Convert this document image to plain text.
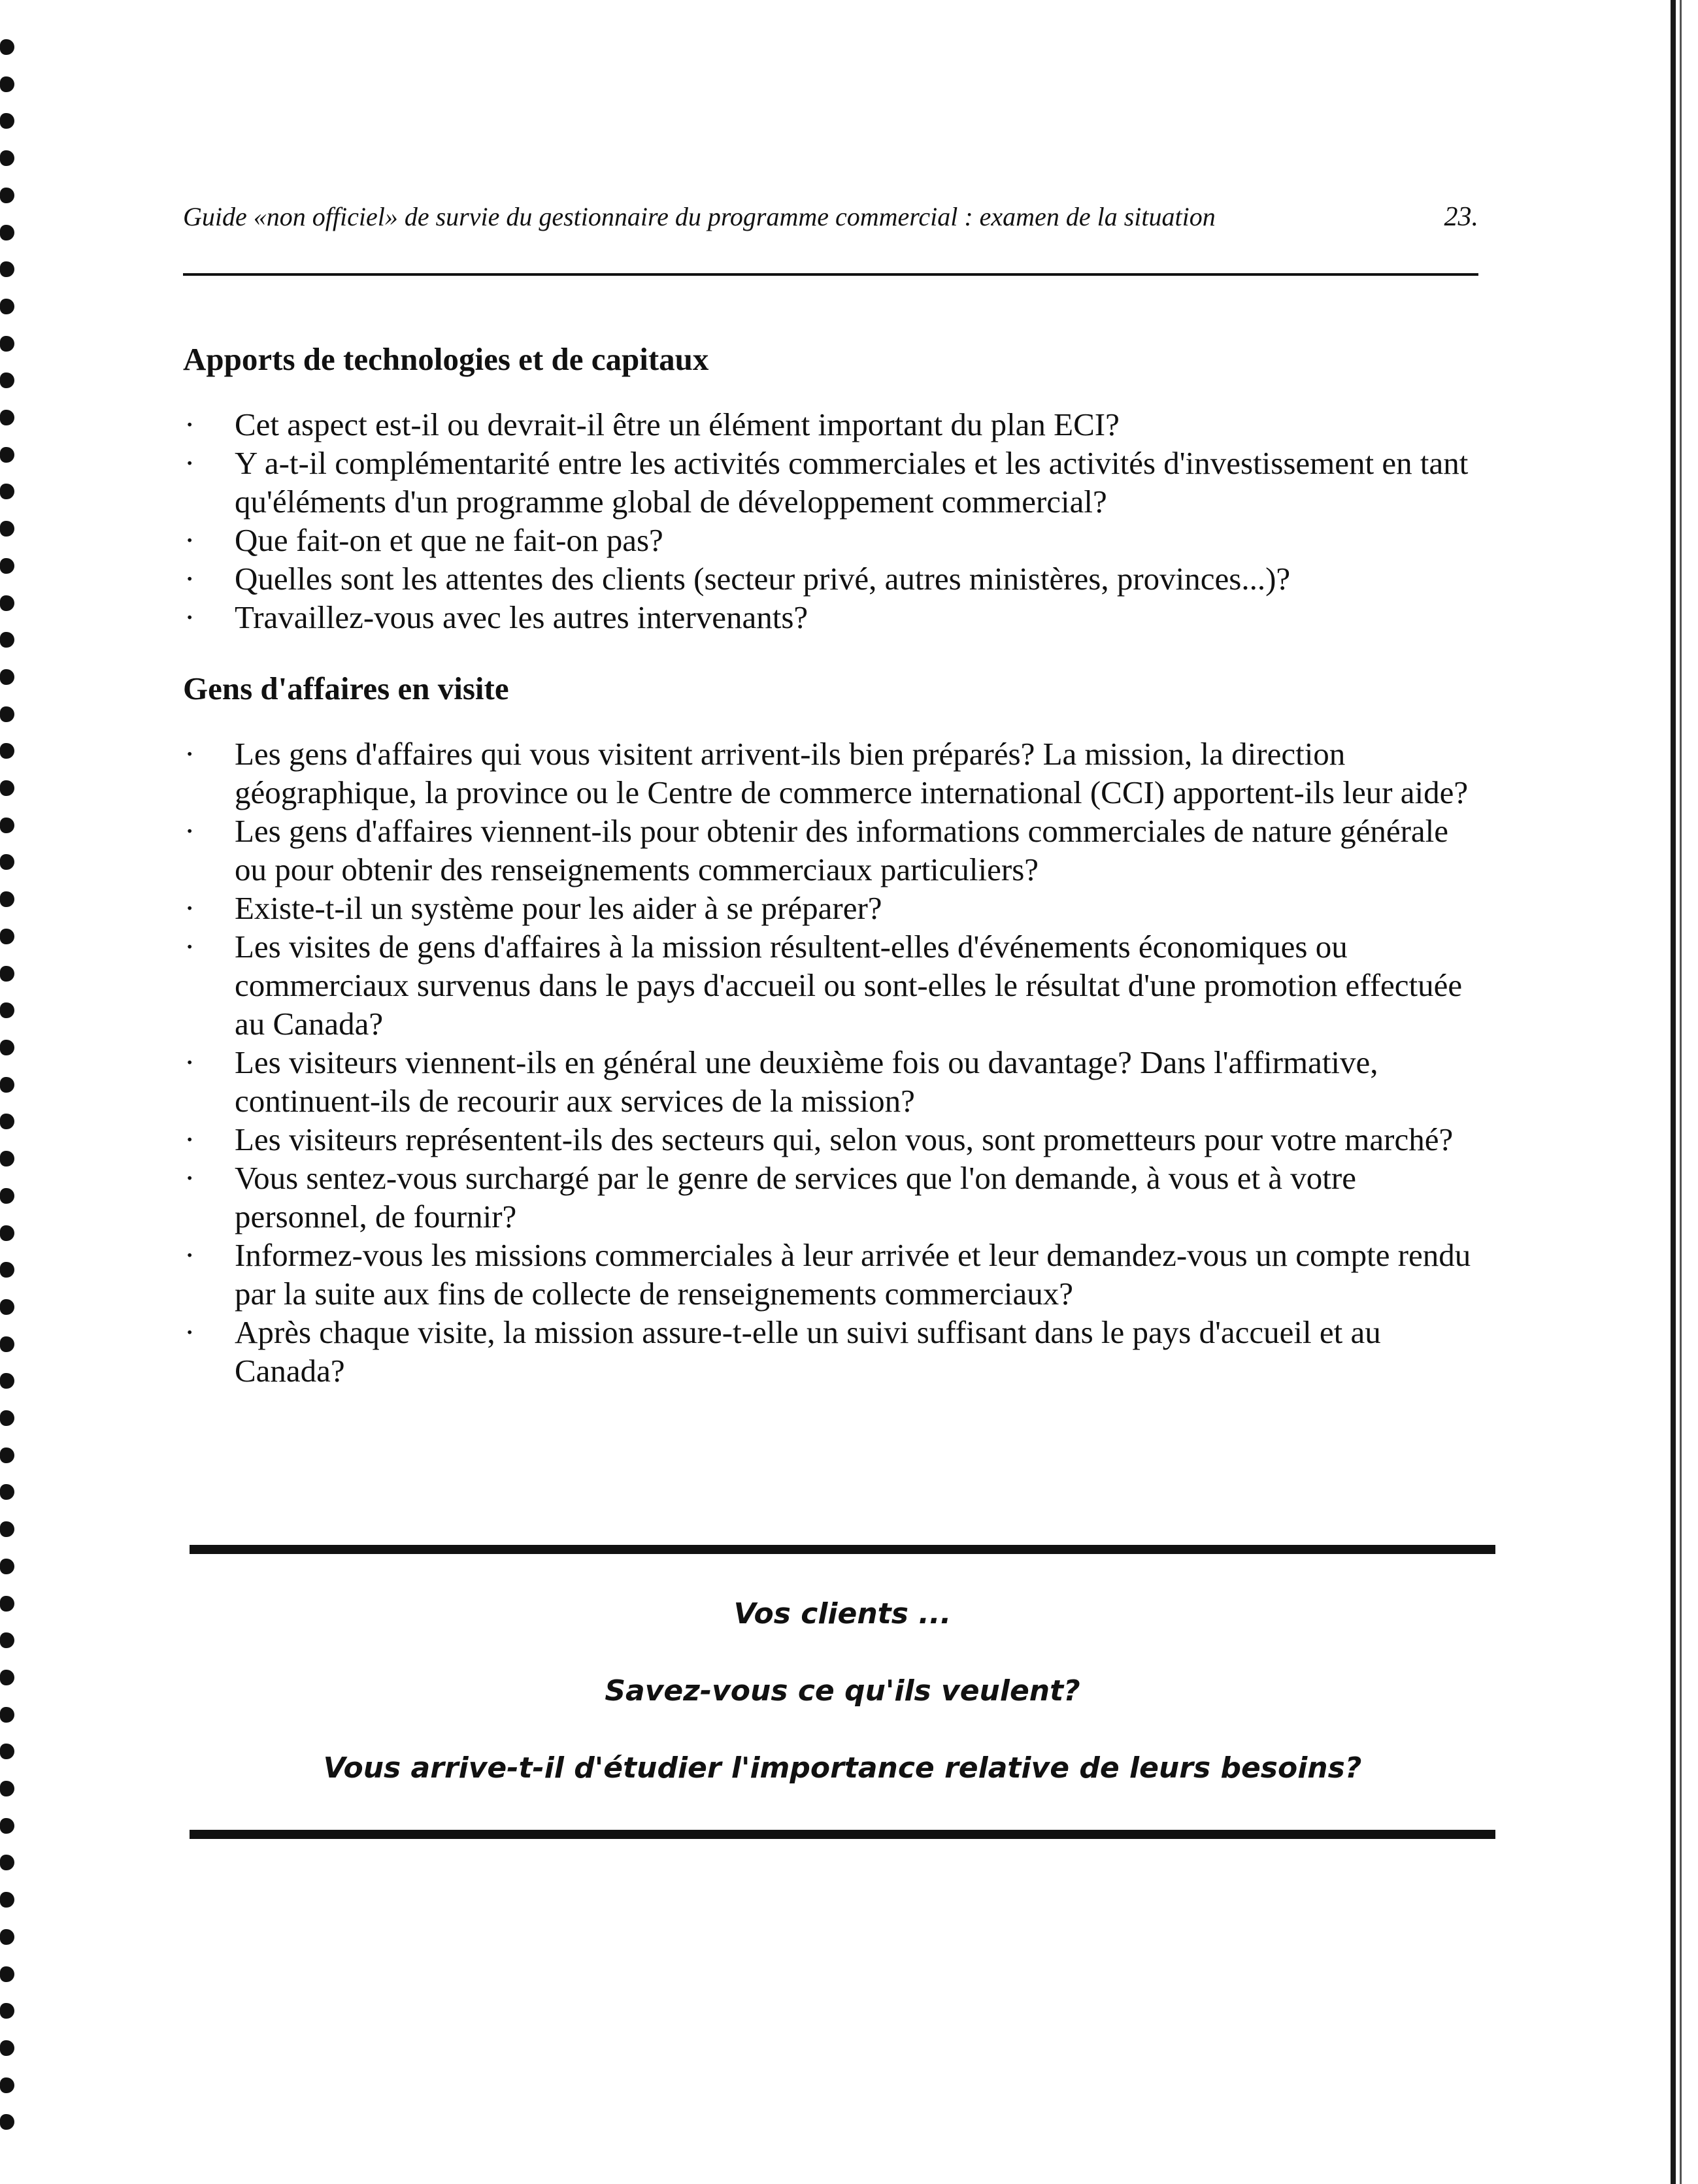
Guide «non officiel» de survie du gestionnaire du programme commercial : examen de la situation	23.
Apports de technologies et de capitaux
· Cet aspect est-il ou devrait-il être un élément important du plan ECI?
· Y a-t-il complémentarité entre les activités commerciales et les activités d'investissement en tant qu'éléments d'un programme global de développement commercial?
· Que fait-on et que ne fait-on pas?
· Quelles sont les attentes des clients (secteur privé, autres ministères, provinces...)?
· Travaillez-vous avec les autres intervenants?
Gens d'affaires en visite
· Les gens d'affaires qui vous visitent arrivent-ils bien préparés? La mission, la direction géographique, la province ou le Centre de commerce international (CCI) apportent-ils leur aide?
· Les gens d'affaires viennent-ils pour obtenir des informations commerciales de nature générale ou pour obtenir des renseignements commerciaux particuliers?
· Existe-t-il un système pour les aider à se préparer?
· Les visites de gens d'affaires à la mission résultent-elles d'événements économiques ou commerciaux survenus dans le pays d'accueil ou sont-elles le résultat d'une promotion effectuée au Canada?
· Les visiteurs viennent-ils en général une deuxième fois ou davantage? Dans l'affirmative, continuent-ils de recourir aux services de la mission?
· Les visiteurs représentent-ils des secteurs qui, selon vous, sont prometteurs pour votre marché?
· Vous sentez-vous surchargé par le genre de services que l'on demande, à vous et à votre personnel, de fournir?
· Informez-vous les missions commerciales à leur arrivée et leur demandez-vous un compte rendu par la suite aux fins de collecte de renseignements commerciaux?
· Après chaque visite, la mission assure-t-elle un suivi suffisant dans le pays d'accueil et au Canada?

Vos clients ...

Savez-vous ce qu'ils veulent?

Vous arrive-t-il d'étudier l'importance relative de leurs besoins?
